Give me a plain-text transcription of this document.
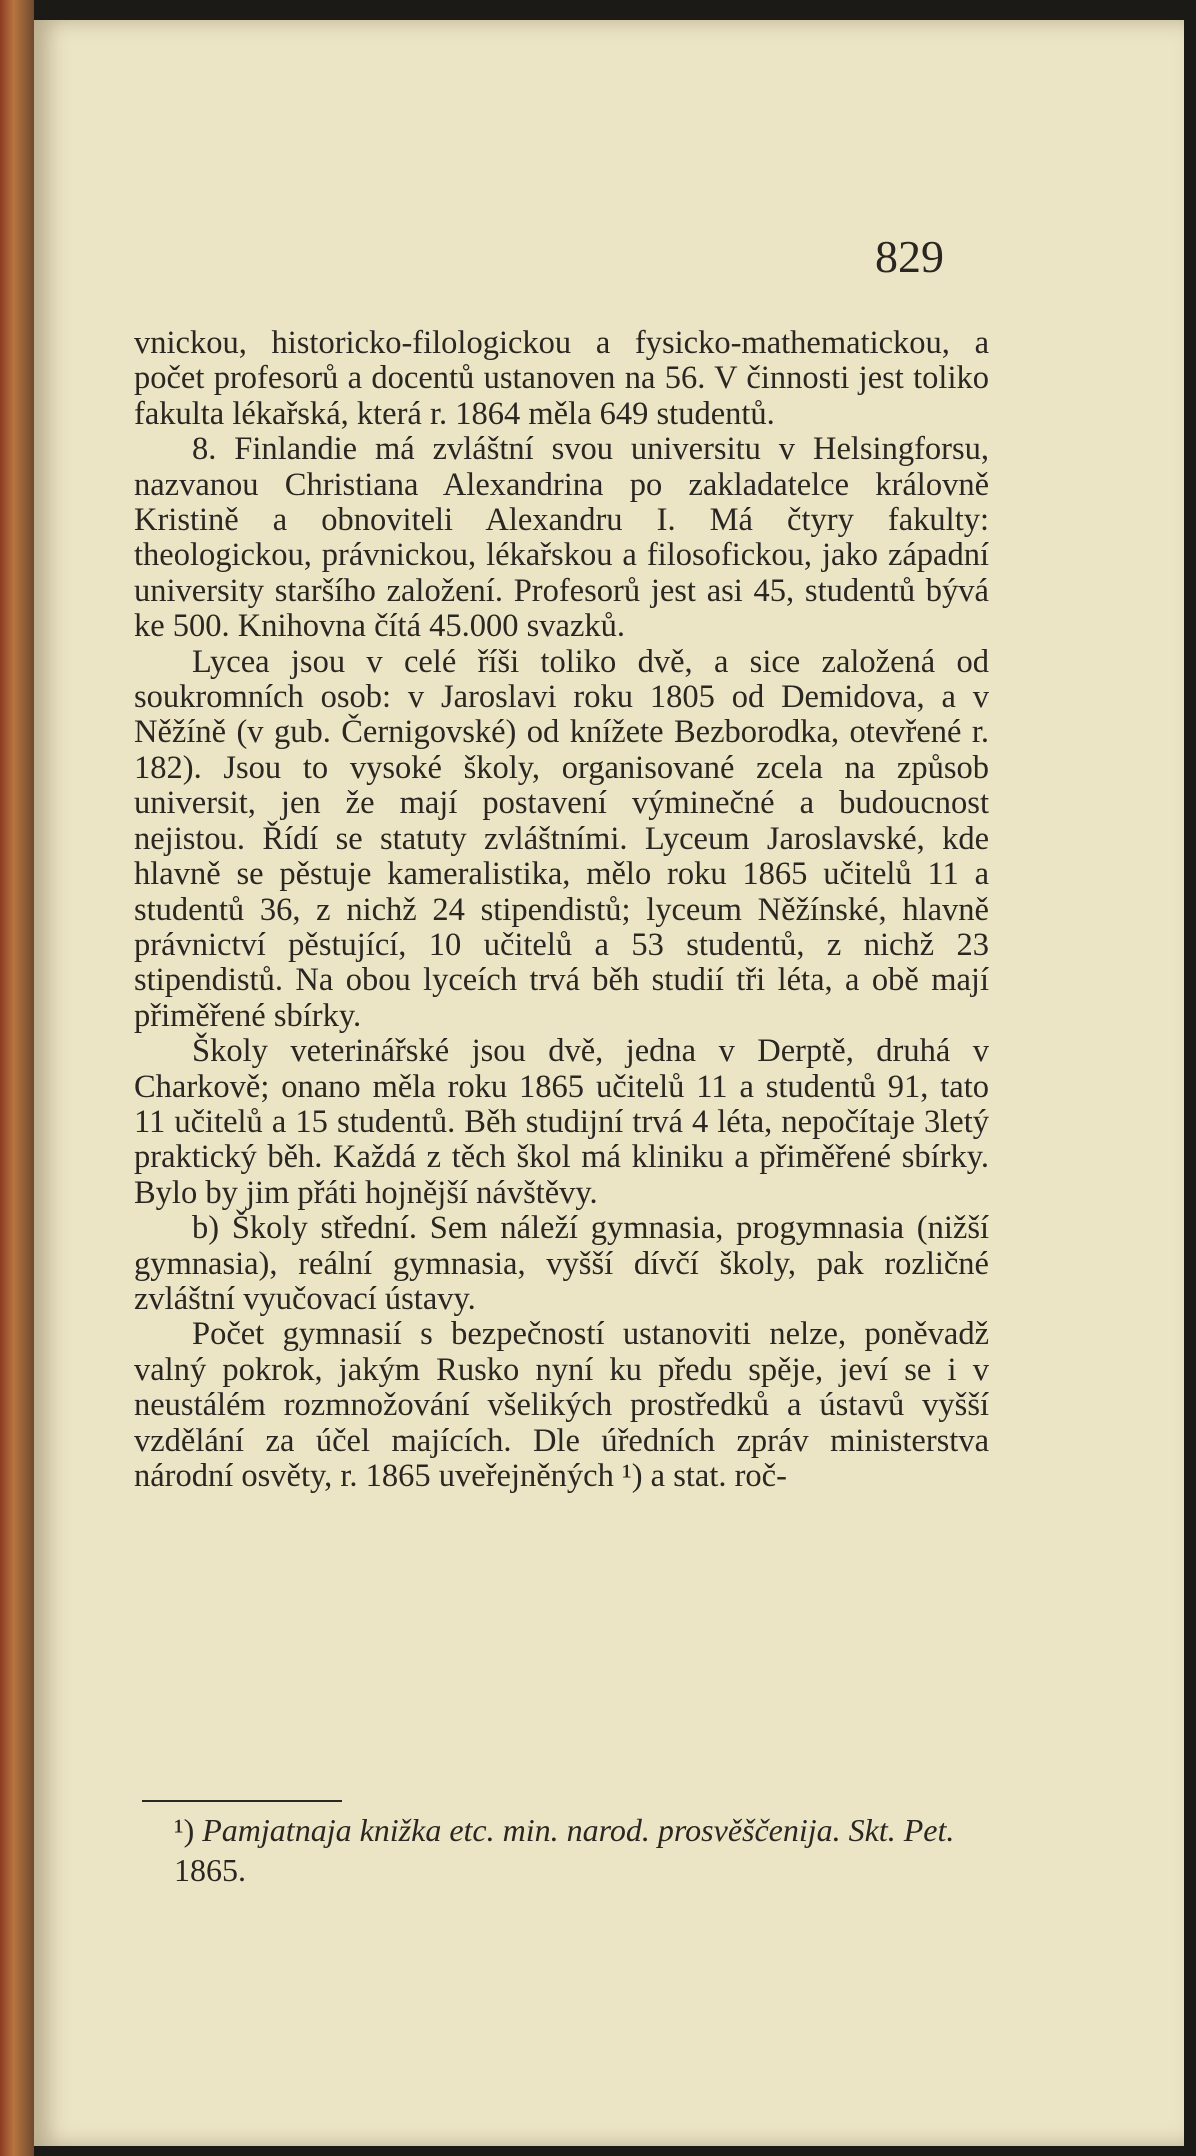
829

vnickou, historicko-filologickou a fysicko-mathematickou, a počet profesorů a docentů ustanoven na 56. V činnosti jest toliko fakulta lékařská, která r. 1864 měla 649 studentů.

8. Finlandie má zvláštní svou universitu v Helsingforsu, nazvanou Christiana Alexandrina po zakladatelce královně Kristině a obnoviteli Alexandru I. Má čtyry fakulty: theologickou, právnickou, lékařskou a filosofickou, jako západní university staršího založení. Profesorů jest asi 45, studentů bývá ke 500. Knihovna čítá 45.000 svazků.

Lycea jsou v celé říši toliko dvě, a sice založená od soukromních osob: v Jaroslavi roku 1805 od Demidova, a v Něžíně (v gub. Černigovské) od knížete Bezborodka, otevřené r. 182). Jsou to vysoké školy, organisované zcela na způsob universit, jen že mají postavení výminečné a budoucnost nejistou. Řídí se statuty zvláštními. Lyceum Jaroslavské, kde hlavně se pěstuje kameralistika, mělo roku 1865 učitelů 11 a studentů 36, z nichž 24 stipendistů; lyceum Něžínské, hlavně právnictví pěstující, 10 učitelů a 53 studentů, z nichž 23 stipendistů. Na obou lyceích trvá běh studií tři léta, a obě mají přiměřené sbírky.

Školy veterinářské jsou dvě, jedna v Derptě, druhá v Charkově; onano měla roku 1865 učitelů 11 a studentů 91, tato 11 učitelů a 15 studentů. Běh studijní trvá 4 léta, nepočítaje 3letý praktický běh. Každá z těch škol má kliniku a přiměřené sbírky. Bylo by jim přáti hojnější návštěvy.

b) Školy střední. Sem náleží gymnasia, progymnasia (nižší gymnasia), reální gymnasia, vyšší dívčí školy, pak rozličné zvláštní vyučovací ústavy.

Počet gymnasií s bezpečností ustanoviti nelze, poněvadž valný pokrok, jakým Rusko nyní ku předu spěje, jeví se i v neustálém rozmnožování všelikých prostředků a ústavů vyšší vzdělání za účel majících. Dle úředních zpráv ministerstva národní osvěty, r. 1865 uveřejněných ¹) a stat. roč-

¹) Pamjatnaja knižka etc. min. narod. prosvěščenija. Skt. Pet. 1865.
